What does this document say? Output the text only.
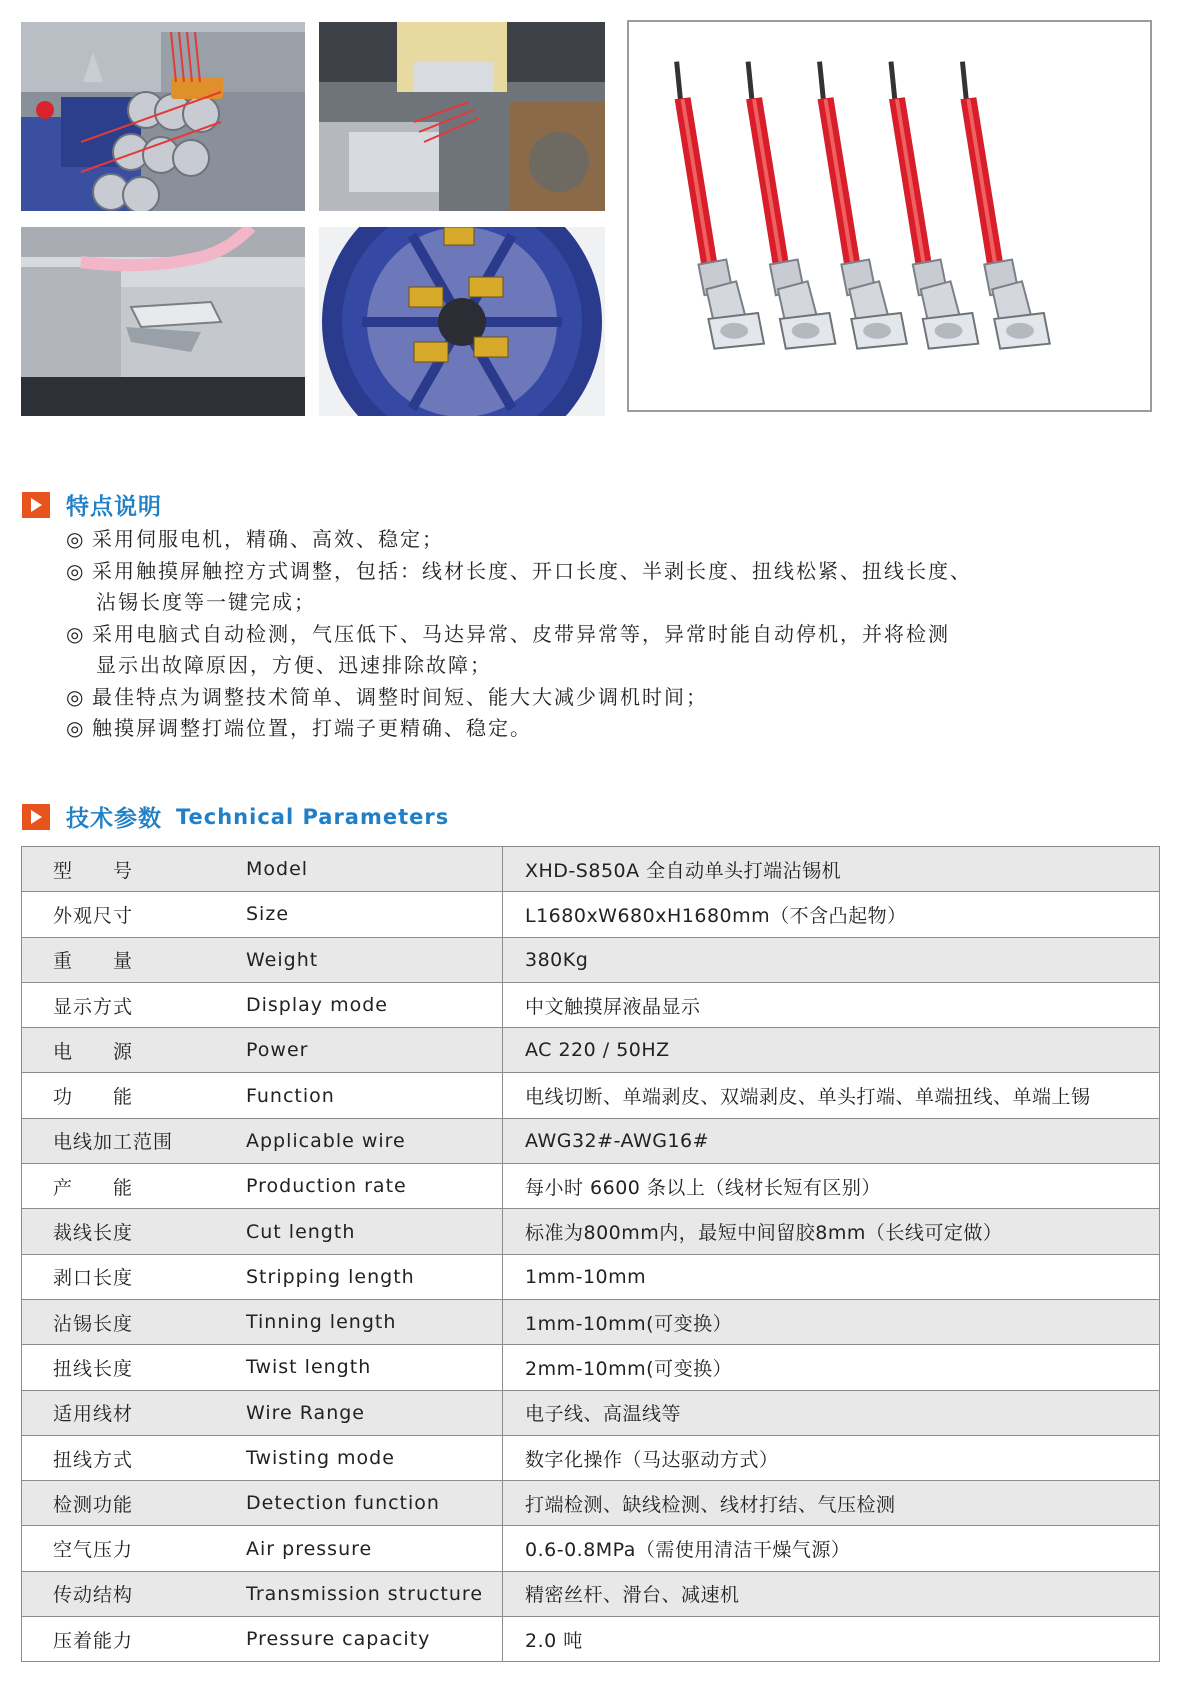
特点说明
◎ 采用伺服电机，精确、高效、稳定；
◎ 采用触摸屏触控方式调整，包括：线材长度、开口长度、半剥长度、扭线松紧、扭线长度、
沾锡长度等一键完成；
◎ 采用电脑式自动检测，气压低下、马达异常、皮带异常等，异常时能自动停机，并将检测
显示出故障原因，方便、迅速排除故障；
◎ 最佳特点为调整技术简单、调整时间短、能大大减少调机时间；
◎ 触摸屏调整打端位置，打端子更精确、稳定。
技术参数 Technical Parameters
型　　号	Model	XHD-S850A 全自动单头打端沾锡机
外观尺寸	Size	L1680xW680xH1680mm（不含凸起物）
重　　量	Weight	380Kg
显示方式	Display mode	中文触摸屏液晶显示
电　　源	Power	AC 220 / 50HZ
功　　能	Function	电线切断、单端剥皮、双端剥皮、单头打端、单端扭线、单端上锡
电线加工范围	Applicable wire	AWG32#-AWG16#
产　　能	Production rate	每小时 6600 条以上（线材长短有区别）
裁线长度	Cut length	标准为800mm内，最短中间留胶8mm（长线可定做）
剥口长度	Stripping length	1mm-10mm
沾锡长度	Tinning length	1mm-10mm(可变换）
扭线长度	Twist length	2mm-10mm(可变换）
适用线材	Wire Range	电子线、高温线等
扭线方式	Twisting mode	数字化操作（马达驱动方式）
检测功能	Detection function	打端检测、缺线检测、线材打结、气压检测
空气压力	Air pressure	0.6-0.8MPa（需使用清洁干燥气源）
传动结构	Transmission structure	精密丝杆、滑台、减速机
压着能力	Pressure capacity	2.0 吨
